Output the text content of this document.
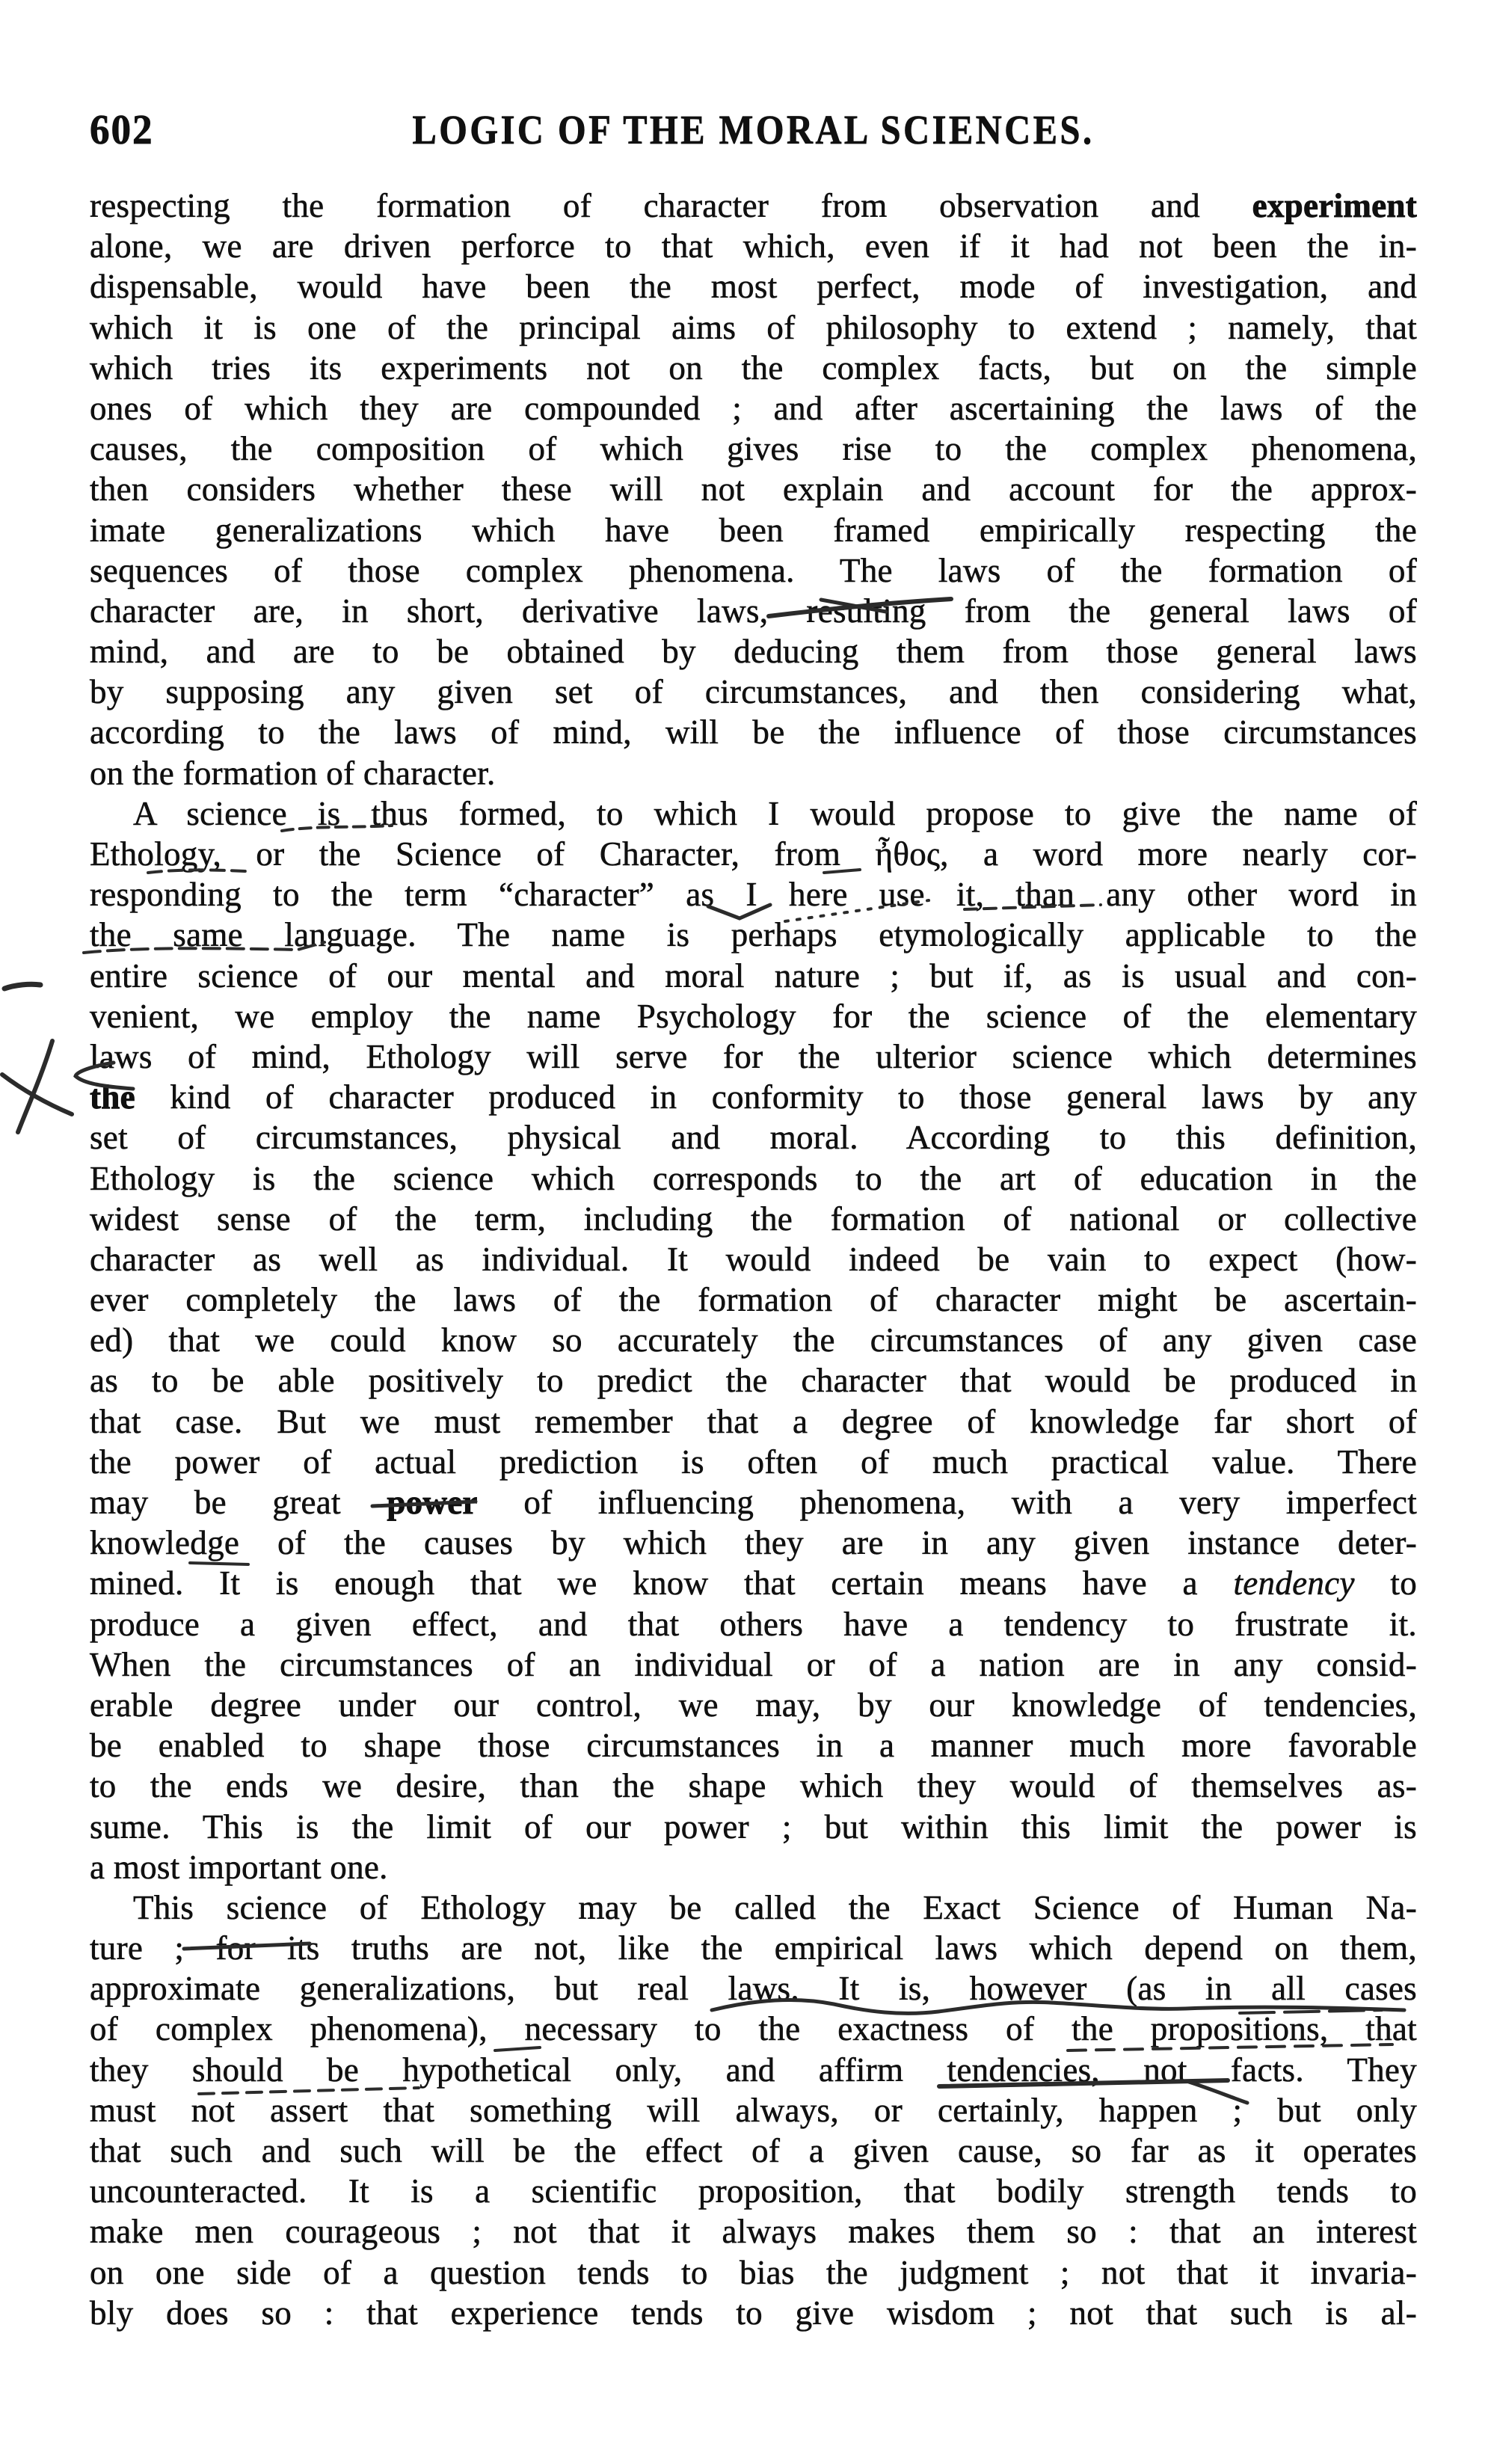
602	LOGIC OF THE MORAL SCIENCES.
respecting the formation of character from observation and experiment
alone, we are driven perforce to that which, even if it had not been the in-
dispensable, would have been the most perfect, mode of investigation, and
which it is one of the principal aims of philosophy to extend ; namely, that
which tries its experiments not on the complex facts, but on the simple
ones of which they are compounded ; and after ascertaining the laws of the
causes, the composition of which gives rise to the complex phenomena,
then considers whether these will not explain and account for the approx-
imate generalizations which have been framed empirically respecting the
sequences of those complex phenomena. The laws of the formation of
character are, in short, derivative laws, resulting from the general laws of
mind, and are to be obtained by deducing them from those general laws
by supposing any given set of circumstances, and then considering what,
according to the laws of mind, will be the influence of those circumstances
on the formation of character.
A science is thus formed, to which I would propose to give the name of
Ethology, or the Science of Character, from ἦθος, a word more nearly cor-
responding to the term “character” as I here use it, than any other word in
the same language. The name is perhaps etymologically applicable to the
entire science of our mental and moral nature ; but if, as is usual and con-
venient, we employ the name Psychology for the science of the elementary
laws of mind, Ethology will serve for the ulterior science which determines
the kind of character produced in conformity to those general laws by any
set of circumstances, physical and moral. According to this definition,
Ethology is the science which corresponds to the art of education in the
widest sense of the term, including the formation of national or collective
character as well as individual. It would indeed be vain to expect (how-
ever completely the laws of the formation of character might be ascertain-
ed) that we could know so accurately the circumstances of any given case
as to be able positively to predict the character that would be produced in
that case. But we must remember that a degree of knowledge far short of
the power of actual prediction is often of much practical value. There
may be great power of influencing phenomena, with a very imperfect
knowledge of the causes by which they are in any given instance deter-
mined. It is enough that we know that certain means have a tendency to
produce a given effect, and that others have a tendency to frustrate it.
When the circumstances of an individual or of a nation are in any consid-
erable degree under our control, we may, by our knowledge of tendencies,
be enabled to shape those circumstances in a manner much more favorable
to the ends we desire, than the shape which they would of themselves as-
sume. This is the limit of our power ; but within this limit the power is
a most important one.
This science of Ethology may be called the Exact Science of Human Na-
ture ; for its truths are not, like the empirical laws which depend on them,
approximate generalizations, but real laws. It is, however (as in all cases
of complex phenomena), necessary to the exactness of the propositions, that
they should be hypothetical only, and affirm tendencies, not facts. They
must not assert that something will always, or certainly, happen ; but only
that such and such will be the effect of a given cause, so far as it operates
uncounteracted. It is a scientific proposition, that bodily strength tends to
make men courageous ; not that it always makes them so : that an interest
on one side of a question tends to bias the judgment ; not that it invaria-
bly does so : that experience tends to give wisdom ; not that such is al-
